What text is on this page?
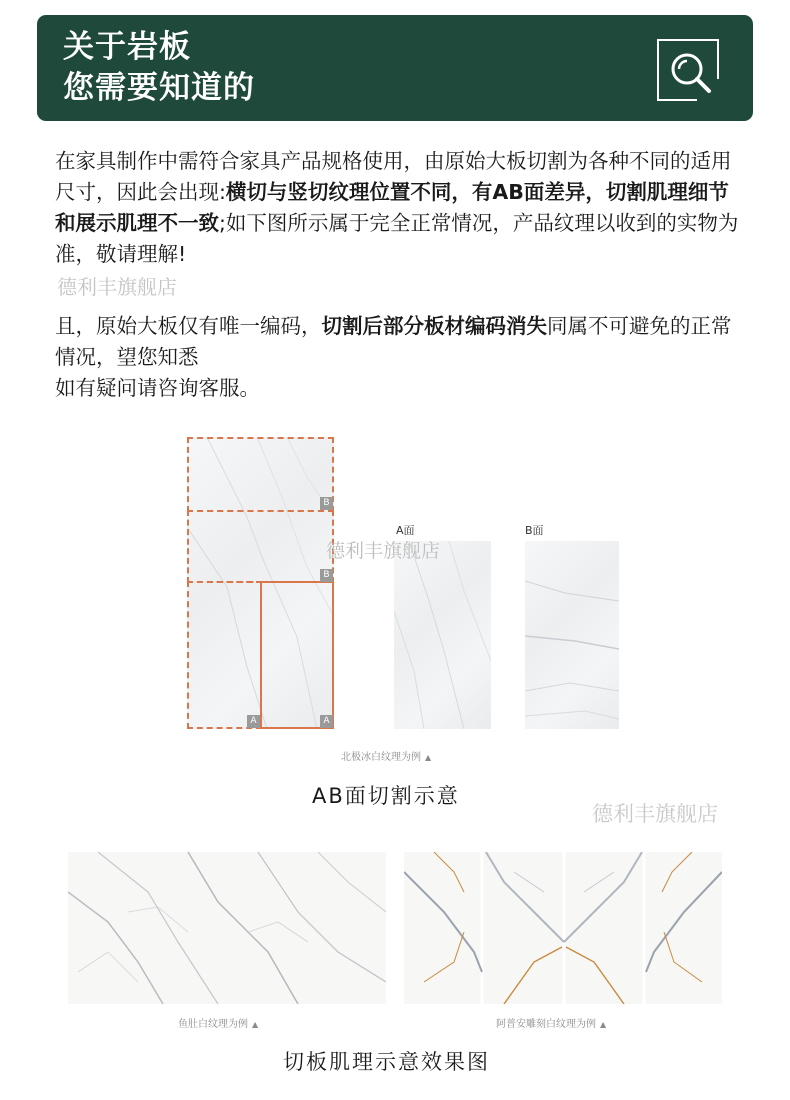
关于岩板
您需要知道的
在家具制作中需符合家具产品规格使用，由原始大板切割为各种不同的适用尺寸，因此会出现:横切与竖切纹理位置不同，有AB面差异，切割肌理细节和展示肌理不一致;如下图所示属于完全正常情况，产品纹理以收到的实物为准，敬请理解!
德利丰旗舰店
且，原始大板仅有唯一编码，切割后部分板材编码消失同属不可避免的正常情况，望您知悉
如有疑问请咨询客服。
B
B
A	A
A面	B面
德利丰旗舰店
北极冰白纹理为例 ▲
AB面切割示意
德利丰旗舰店
鱼肚白纹理为例 ▲	阿普安雕刻白纹理为例 ▲
切板肌理示意效果图
